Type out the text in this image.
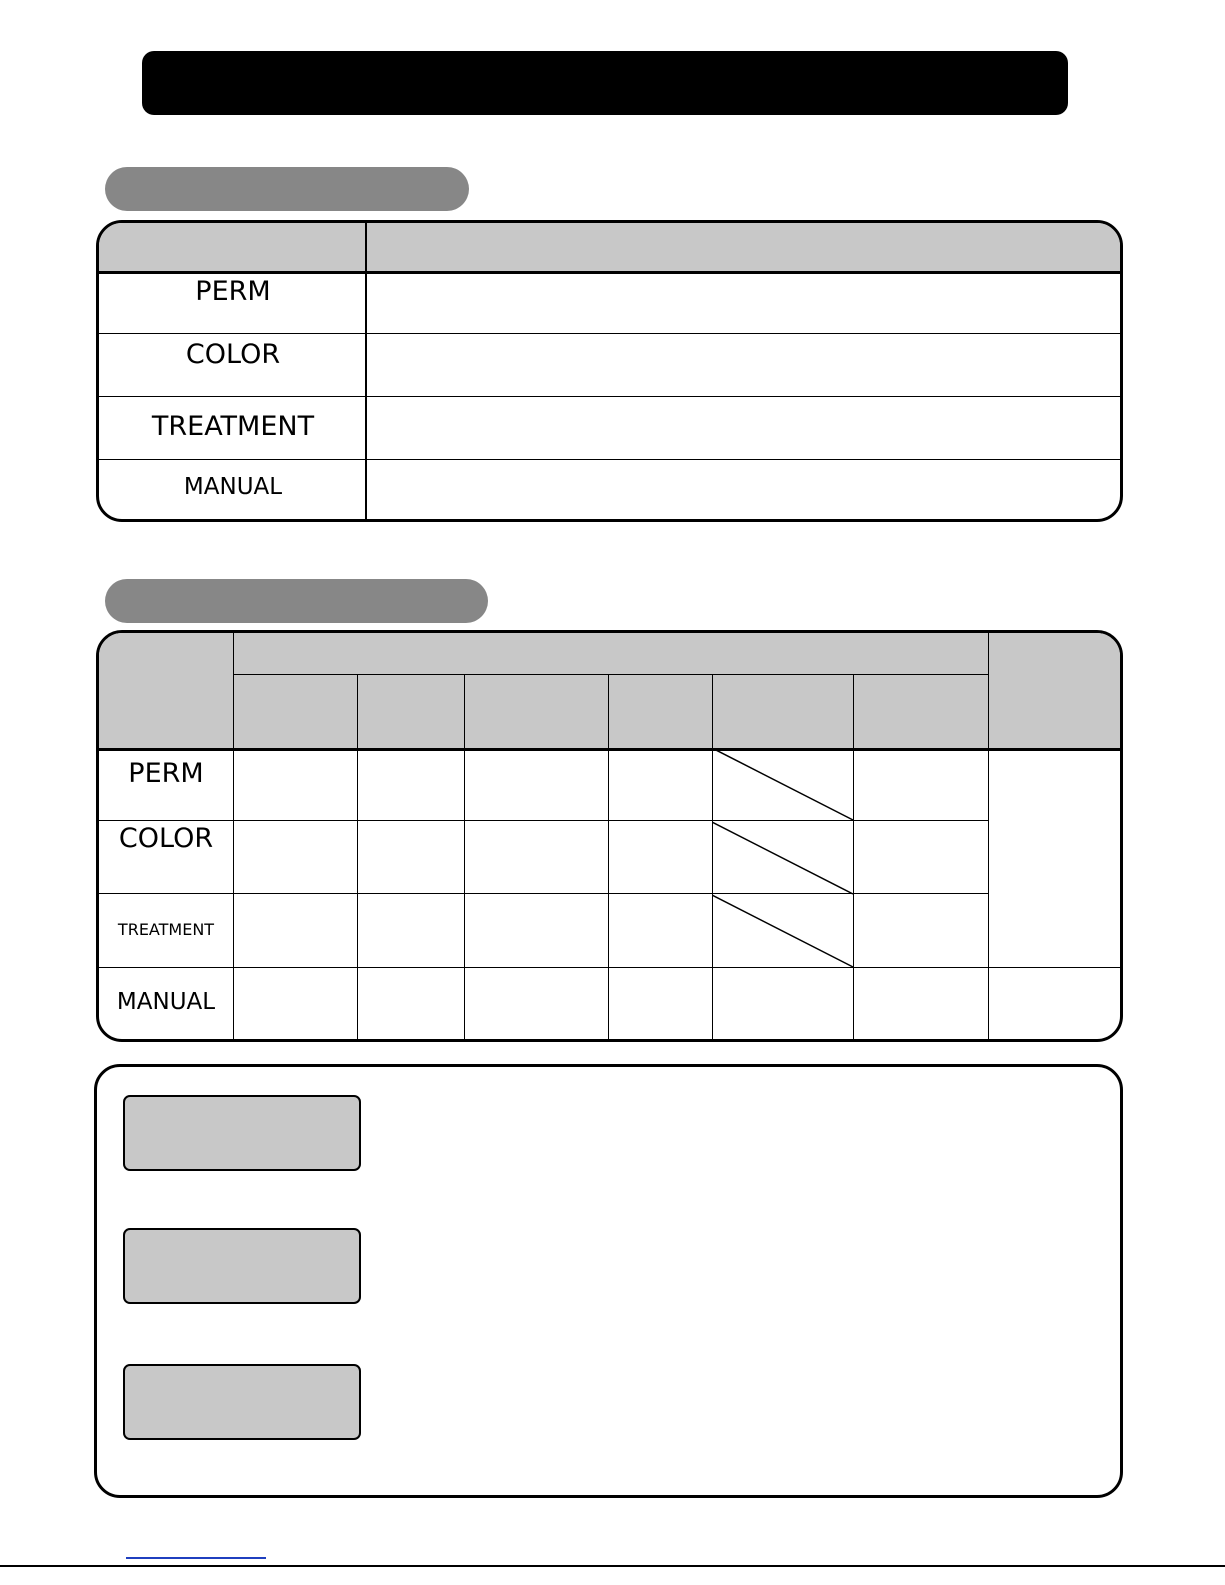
PERM
COLOR
TREATMENT
MANUAL
PERM
COLOR
TREATMENT
MANUAL
